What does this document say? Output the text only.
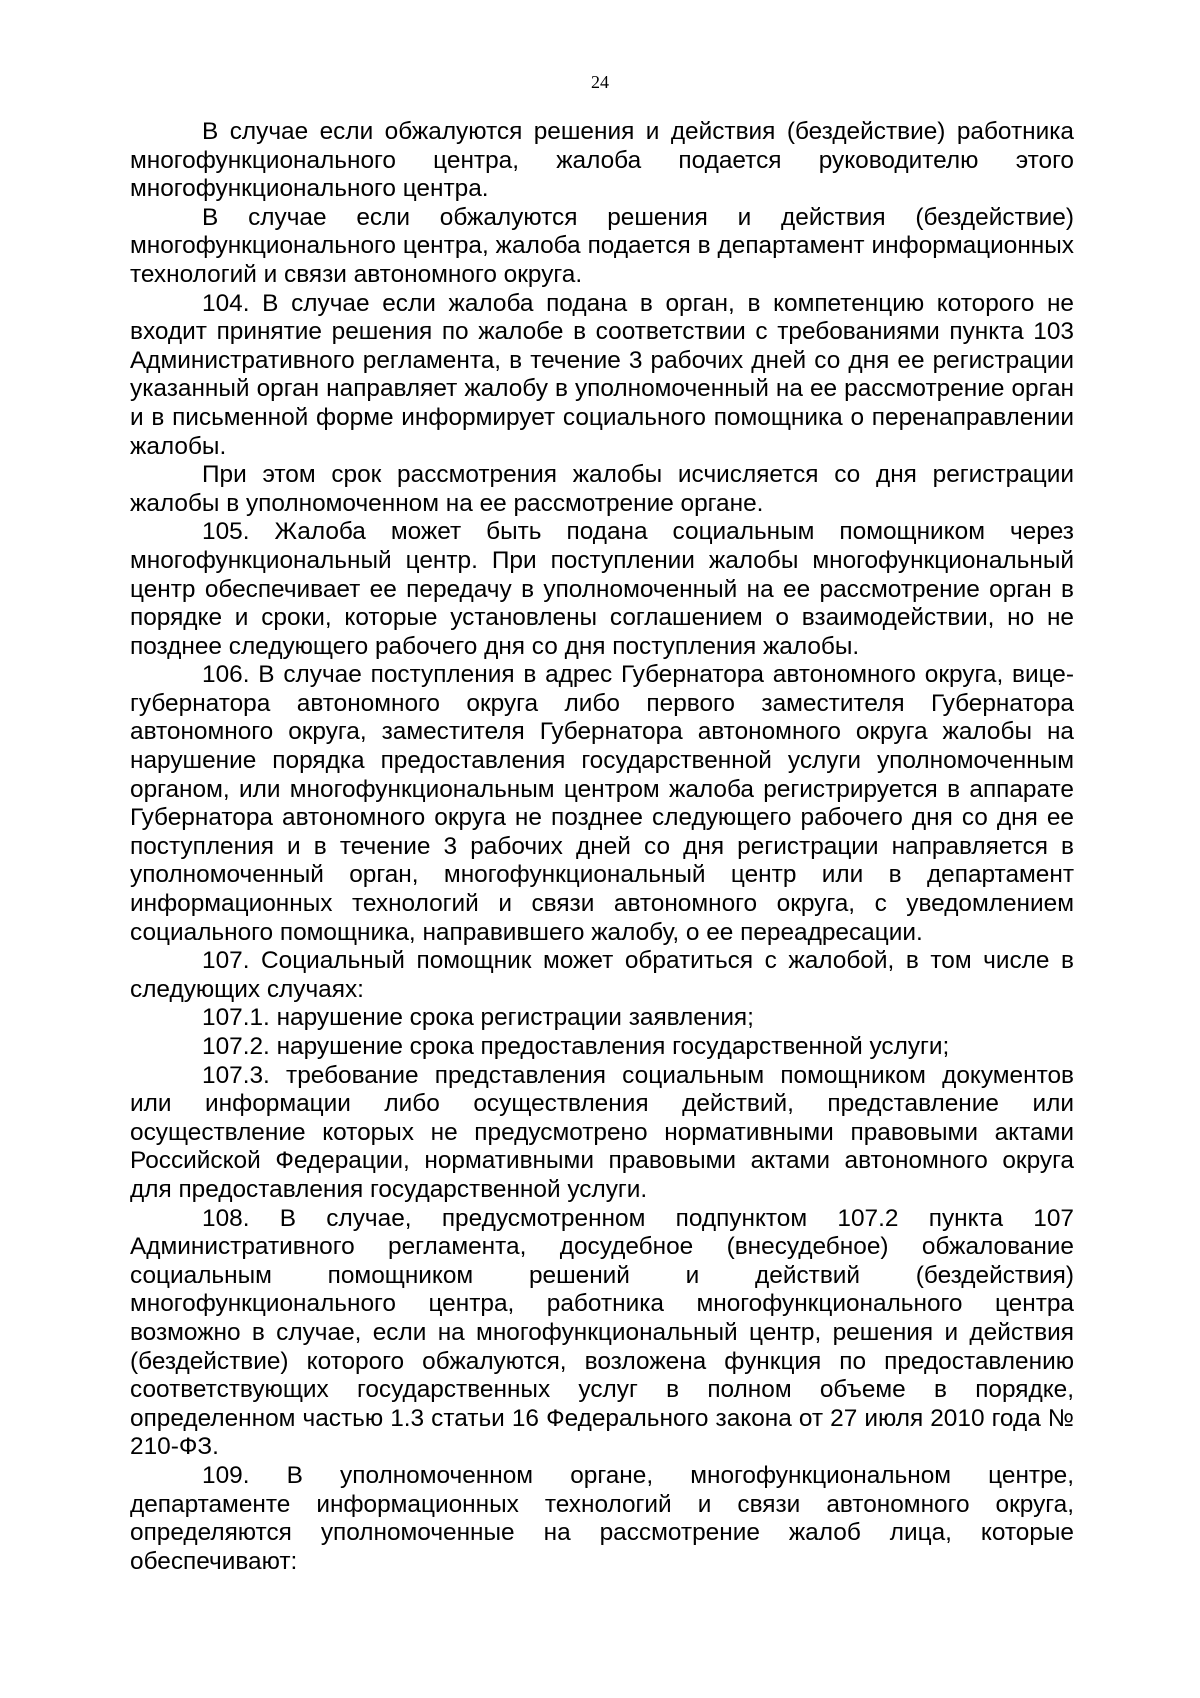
24

В случае если обжалуются решения и действия (бездействие) работника многофункционального центра, жалоба подается руководителю этого многофункционального центра.

В случае если обжалуются решения и действия (бездействие) многофункционального центра, жалоба подается в департамент информационных технологий и связи автономного округа.

104. В случае если жалоба подана в орган, в компетенцию которого не входит принятие решения по жалобе в соответствии с требованиями пункта 103 Административного регламента, в течение 3 рабочих дней со дня ее регистрации указанный орган направляет жалобу в уполномоченный на ее рассмотрение орган и в письменной форме информирует социального помощника о перенаправлении жалобы.

При этом срок рассмотрения жалобы исчисляется со дня регистрации жалобы в уполномоченном на ее рассмотрение органе.

105. Жалоба может быть подана социальным помощником через многофункциональный центр. При поступлении жалобы многофункциональный центр обеспечивает ее передачу в уполномоченный на ее рассмотрение орган в порядке и сроки, которые установлены соглашением о взаимодействии, но не позднее следующего рабочего дня со дня поступления жалобы.

106. В случае поступления в адрес Губернатора автономного округа, вице-губернатора автономного округа либо первого заместителя Губернатора автономного округа, заместителя Губернатора автономного округа жалобы на нарушение порядка предоставления государственной услуги уполномоченным органом, или многофункциональным центром жалоба регистрируется в аппарате Губернатора автономного округа не позднее следующего рабочего дня со дня ее поступления и в течение 3 рабочих дней со дня регистрации направляется в уполномоченный орган, многофункциональный центр или в департамент информационных технологий и связи автономного округа, с уведомлением социального помощника, направившего жалобу, о ее переадресации.

107. Социальный помощник может обратиться с жалобой, в том числе в следующих случаях:

107.1. нарушение срока регистрации заявления;

107.2. нарушение срока предоставления государственной услуги;

107.3. требование представления социальным помощником документов или информации либо осуществления действий, представление или осуществление которых не предусмотрено нормативными правовыми актами Российской Федерации, нормативными правовыми актами автономного округа для предоставления государственной услуги.

108. В случае, предусмотренном подпунктом 107.2 пункта 107 Административного регламента, досудебное (внесудебное) обжалование социальным помощником решений и действий (бездействия) многофункционального центра, работника многофункционального центра возможно в случае, если на многофункциональный центр, решения и действия (бездействие) которого обжалуются, возложена функция по предоставлению соответствующих государственных услуг в полном объеме в порядке, определенном частью 1.3 статьи 16 Федерального закона от 27 июля 2010 года № 210-ФЗ.

109. В уполномоченном органе, многофункциональном центре, департаменте информационных технологий и связи автономного округа, определяются уполномоченные на рассмотрение жалоб лица, которые обеспечивают:
